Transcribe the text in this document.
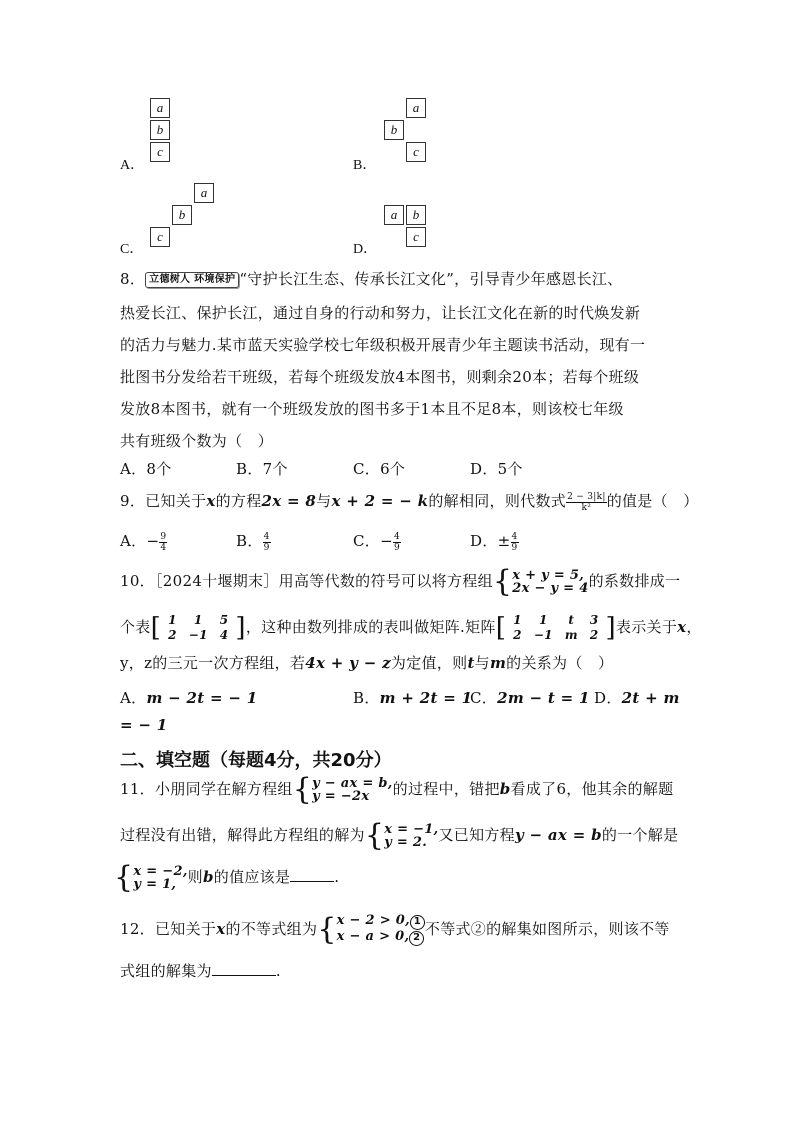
A．
a
b
c
B．
a
b
c
C．
a
b
c
D．
a	b
c
8． 立德树人 环境保护 “守护长江生态、传承长江文化”，引导青少年感恩长江、
热爱长江、保护长江，通过自身的行动和努力，让长江文化在新的时代焕发新
的活力与魅力.某市蓝天实验学校七年级积极开展青少年主题读书活动，现有一
批图书分发给若干班级，若每个班级发放4本图书，则剩余20本；若每个班级
发放8本图书，就有一个班级发放的图书多于1本且不足8本，则该校七年级
共有班级个数为（　）
A．8个	B．7个	C．6个	D．5个
9．已知关于x的方程2x = 8与x + 2 = − k的解相同，则代数式 $\frac{2 - 3|k|}{\text{k²}}$ 的值是（　）
A．− $\frac{9}{4}$	B． $\frac{4}{9}$	C．− $\frac{4}{9}$	D．± $\frac{4}{9}$
10．［2024十堰期末］用高等代数的符号可以将方程组{ x + y = 5,
2x − y = 4 的系数排成一
个表[ 1	1	5
2	−1	4 ]，这种由数列排成的表叫做矩阵.矩阵[ 1	1	t	3
2	−1	m	2 ]表示关于x，
y，z的三元一次方程组，若4x + y − z为定值，则t与m的关系为（　）
A．m − 2t = − 1	B．m + 2t = 1
C．2m − t = 1 D．2t + m
= − 1
二、填空题（每题4分，共20分）
11．小朋同学在解方程组{ y − ax = b,
y = −2x	的过程中，错把b看成了6，他其余的解题
过程没有出错，解得此方程组的解为{ x = −1,
y = 2. 又已知方程y − ax = b的一个解是
{ x = −2,
y = 1, 则b的值应该是	.
12．已知关于x的不等式组为{ x − 2 > 0, 1
x − a > 0, 2 不等式②的解集如图所示，则该不等
式组的解集为	.
